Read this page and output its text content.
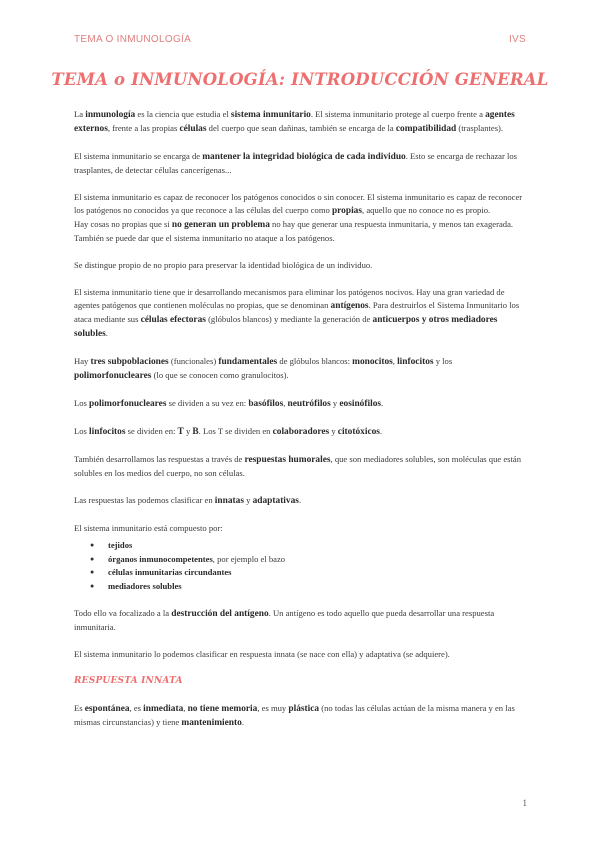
TEMA O INMUNOLOGÍA	IVS
TEMA o INMUNOLOGÍA: INTRODUCCIÓN GENERAL

La inmunología es la ciencia que estudia el sistema inmunitario. El sistema inmunitario protege al cuerpo frente a agentes externos, frente a las propias células del cuerpo que sean dañinas, también se encarga de la compatibilidad (trasplantes).

El sistema inmunitario se encarga de mantener la integridad biológica de cada individuo. Esto se encarga de rechazar los trasplantes, de detectar células cancerígenas...

El sistema inmunitario es capaz de reconocer los patógenos conocidos o sin conocer. El sistema inmunitario es capaz de reconocer los patógenos no conocidos ya que reconoce a las células del cuerpo como propias, aquello que no conoce no es propio.

Hay cosas no propias que si no generan un problema no hay que generar una respuesta inmunitaria, y menos tan exagerada. También se puede dar que el sistema inmunitario no ataque a los patógenos.

Se distingue propio de no propio para preservar la identidad biológica de un individuo.

El sistema inmunitario tiene que ir desarrollando mecanismos para eliminar los patógenos nocivos. Hay una gran variedad de agentes patógenos que contienen moléculas no propias, que se denominan antígenos. Para destruirlos el Sistema Inmunitario los ataca mediante sus células efectoras (glóbulos blancos) y mediante la generación de anticuerpos y otros mediadores solubles.

Hay tres subpoblaciones (funcionales) fundamentales de glóbulos blancos: monocitos, linfocitos y los polimorfonucleares (lo que se conocen como granulocitos).

Los polimorfonucleares se dividen a su vez en: basófilos, neutrófilos y eosinófilos.

Los linfocitos se dividen en: T y B. Los T se dividen en colaboradores y citotóxicos.

También desarrollamos las respuestas a través de respuestas humorales, que son mediadores solubles, son moléculas que están solubles en los medios del cuerpo, no son células.

Las respuestas las podemos clasificar en innatas y adaptativas.

El sistema inmunitario está compuesto por:

● tejidos
● órganos inmunocompetentes, por ejemplo el bazo
● células inmunitarias circundantes
● mediadores solubles

Todo ello va focalizado a la destrucción del antígeno. Un antígeno es todo aquello que pueda desarrollar una respuesta inmunitaria.

El sistema inmunitario lo podemos clasificar en respuesta innata (se nace con ella) y adaptativa (se adquiere).

RESPUESTA INNATA

Es espontánea, es inmediata, no tiene memoria, es muy plástica (no todas las células actúan de la misma manera y en las mismas circunstancias) y tiene mantenimiento.

1
